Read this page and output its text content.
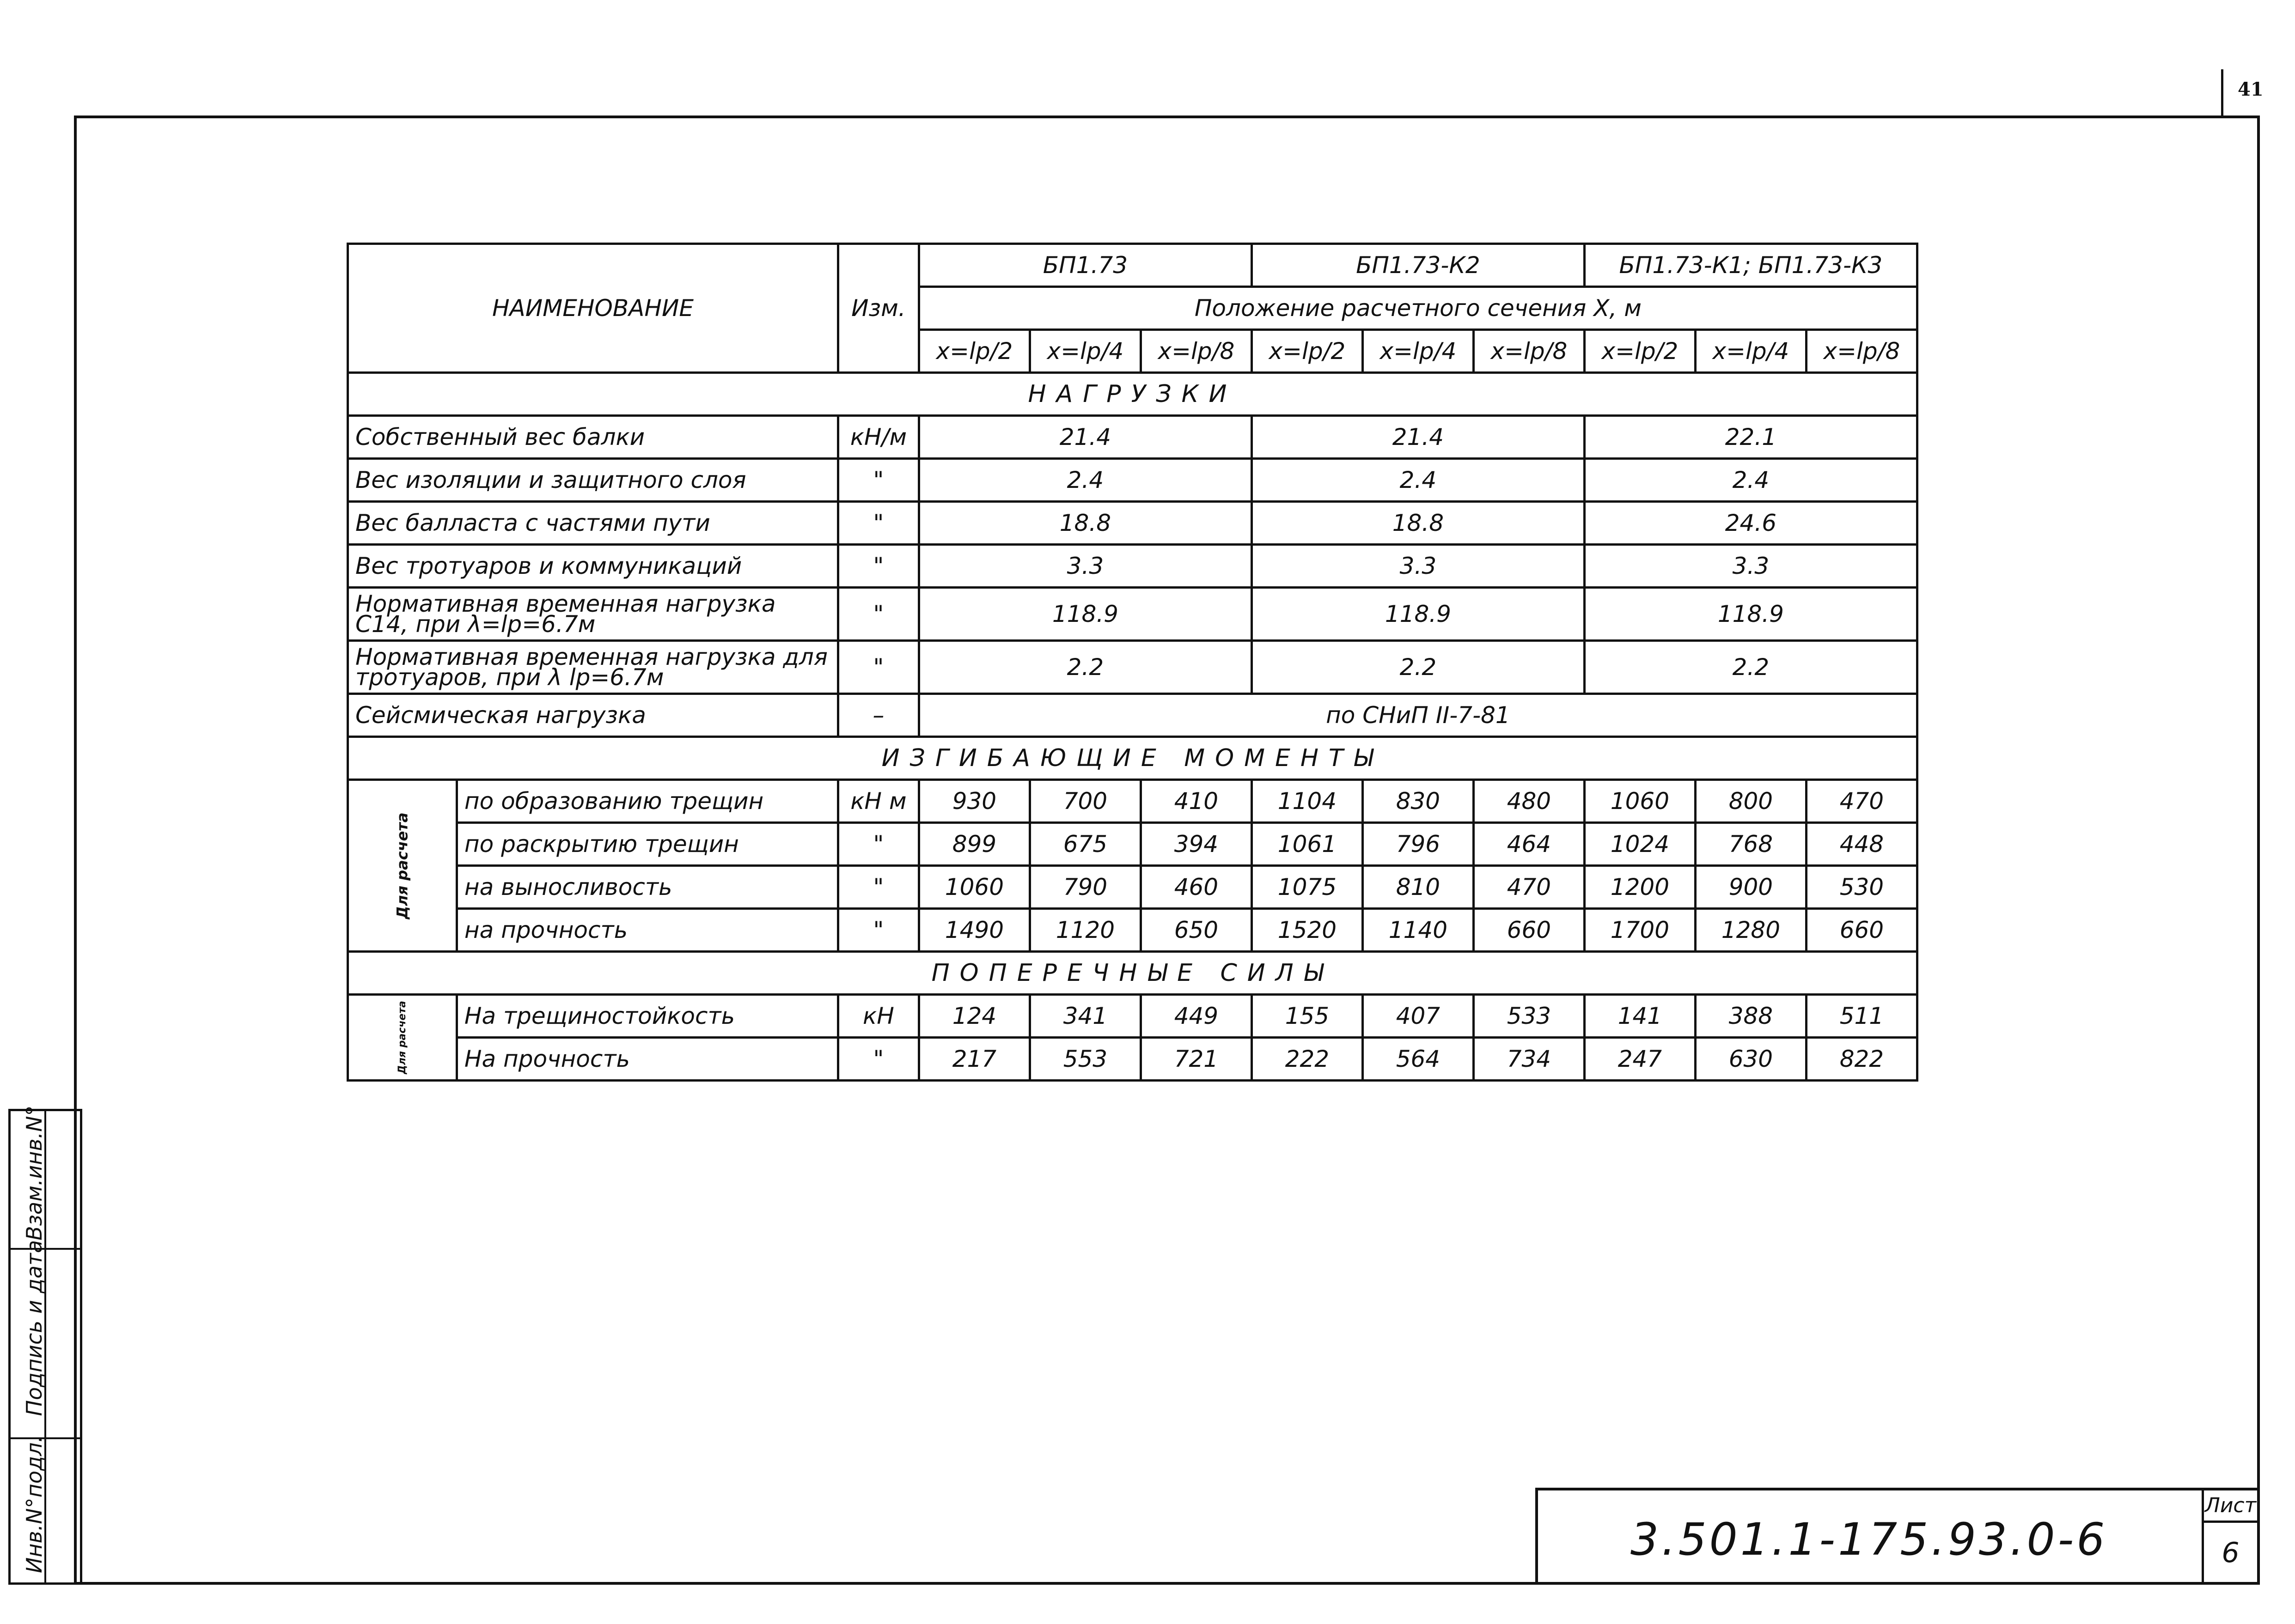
41
Инв.N°подл.
Подпись и дата
Взам.инв.N°
НАИМЕНОВАНИЕ		Изм.	БП1.73			БП1.73-К2			БП1.73-К1; БП1.73-К3		
			Положение расчетного сечения X, м								
			x=lp/2	x=lp/4	x=lp/8	x=lp/2	x=lp/4	x=lp/8	x=lp/2	x=lp/4	x=lp/8
НАГРУЗКИ											
Собственный вес балки		кН/м	21.4			21.4			22.1		
Вес изоляции и защитного слоя		"	2.4			2.4			2.4		
Вес балласта с частями пути		"	18.8			18.8			24.6		
Вес тротуаров и коммуникаций		"	3.3			3.3			3.3		
Нормативная временная нагрузка С14, при λ=lp=6.7м		"	118.9			118.9			118.9		
Нормативная временная нагрузка для тротуаров, при λ lp=6.7м		"	2.2			2.2			2.2		
Сейсмическая нагрузка		–	по СНиП II-7-81								
ИЗГИБАЮЩИЕ МОМЕНТЫ											

Для расчета	по образованию трещин	кН м	930	700	410	1104	830	480	1060	800	470
	по раскрытию трещин	"	899	675	394	1061	796	464	1024	768	448
	на выносливость	"	1060	790	460	1075	810	470	1200	900	530
	на прочность	"	1490	1120	650	1520	1140	660	1700	1280	660
ПОПЕРЕЧНЫЕ СИЛЫ											

Для расчета	На трещиностойкость	кН	124	341	449	155	407	533	141	388	511
	На прочность	"	217	553	721	222	564	734	247	630	822
3.501.1-175.93.0-6
Лист
6
